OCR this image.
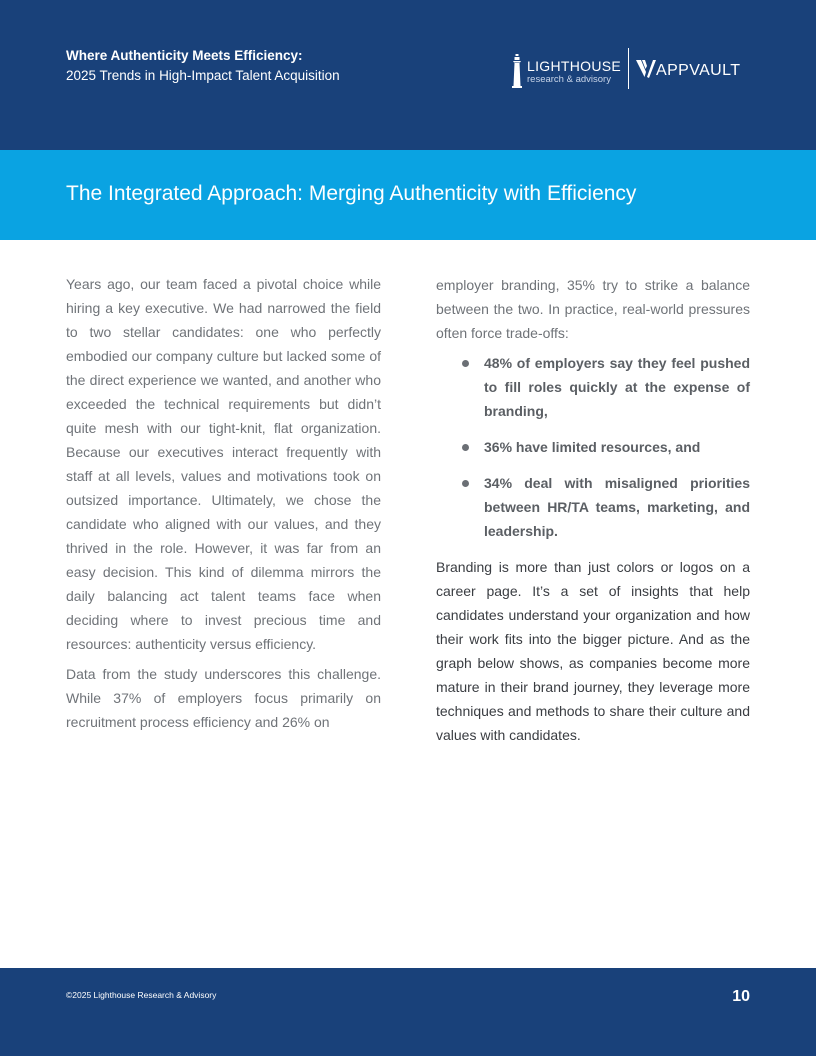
Where Authenticity Meets Efficiency:
2025 Trends in High-Impact Talent Acquisition
LIGHTHOUSE
research & advisory
APPVAULT
The Integrated Approach: Merging Authenticity with Efficiency

Years ago, our team faced a pivotal choice while hiring a key executive. We had narrowed the field to two stellar candidates: one who perfectly embodied our company culture but lacked some of the direct experience we wanted, and another who exceeded the technical requirements but didn’t quite mesh with our tight-knit, flat organization. Because our executives interact frequently with staff at all levels, values and motivations took on outsized importance. Ultimately, we chose the candidate who aligned with our values, and they thrived in the role. However, it was far from an easy decision. This kind of dilemma mirrors the daily balancing act talent teams face when deciding where to invest precious time and resources: authenticity versus efficiency.

Data from the study underscores this challenge. While 37% of employers focus primarily on recruitment process efficiency and 26% on

employer branding, 35% try to strike a balance between the two. In practice, real-world pressures often force trade-offs:

48% of employers say they feel pushed to fill roles quickly at the expense of branding,
36% have limited resources, and
34% deal with misaligned priorities between HR/TA teams, marketing, and leadership.

Branding is more than just colors or logos on a career page. It’s a set of insights that help candidates understand your organization and how their work fits into the bigger picture. And as the graph below shows, as companies become more mature in their brand journey, they leverage more techniques and methods to share their culture and values with candidates.

©2025 Lighthouse Research & Advisory	10
